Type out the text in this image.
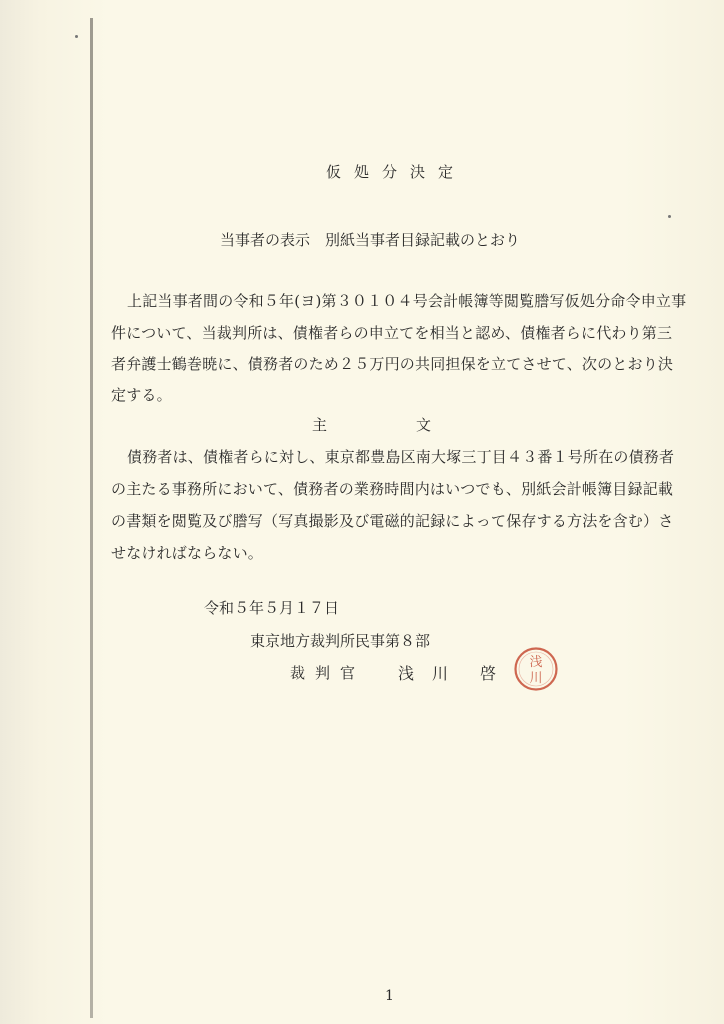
仮処分決定
当事者の表示　別紙当事者目録記載のとおり
上記当事者間の令和５年(ヨ)第３０１０４号会計帳簿等閲覧謄写仮処分命令申立事
件について、当裁判所は、債権者らの申立てを相当と認め、債権者らに代わり第三
者弁護士鶴巻暁に、債務者のため２５万円の共同担保を立てさせて、次のとおり決
定する。
主	文
債務者は、債権者らに対し、東京都豊島区南大塚三丁目４３番１号所在の債務者
の主たる事務所において、債務者の業務時間内はいつでも、別紙会計帳簿目録記載
の書類を閲覧及び謄写（写真撮影及び電磁的記録によって保存する方法を含む）さ
せなければならない。
令和５年５月１７日
東京地方裁判所民事第８部
裁判官 浅川 啓
浅
川
1
